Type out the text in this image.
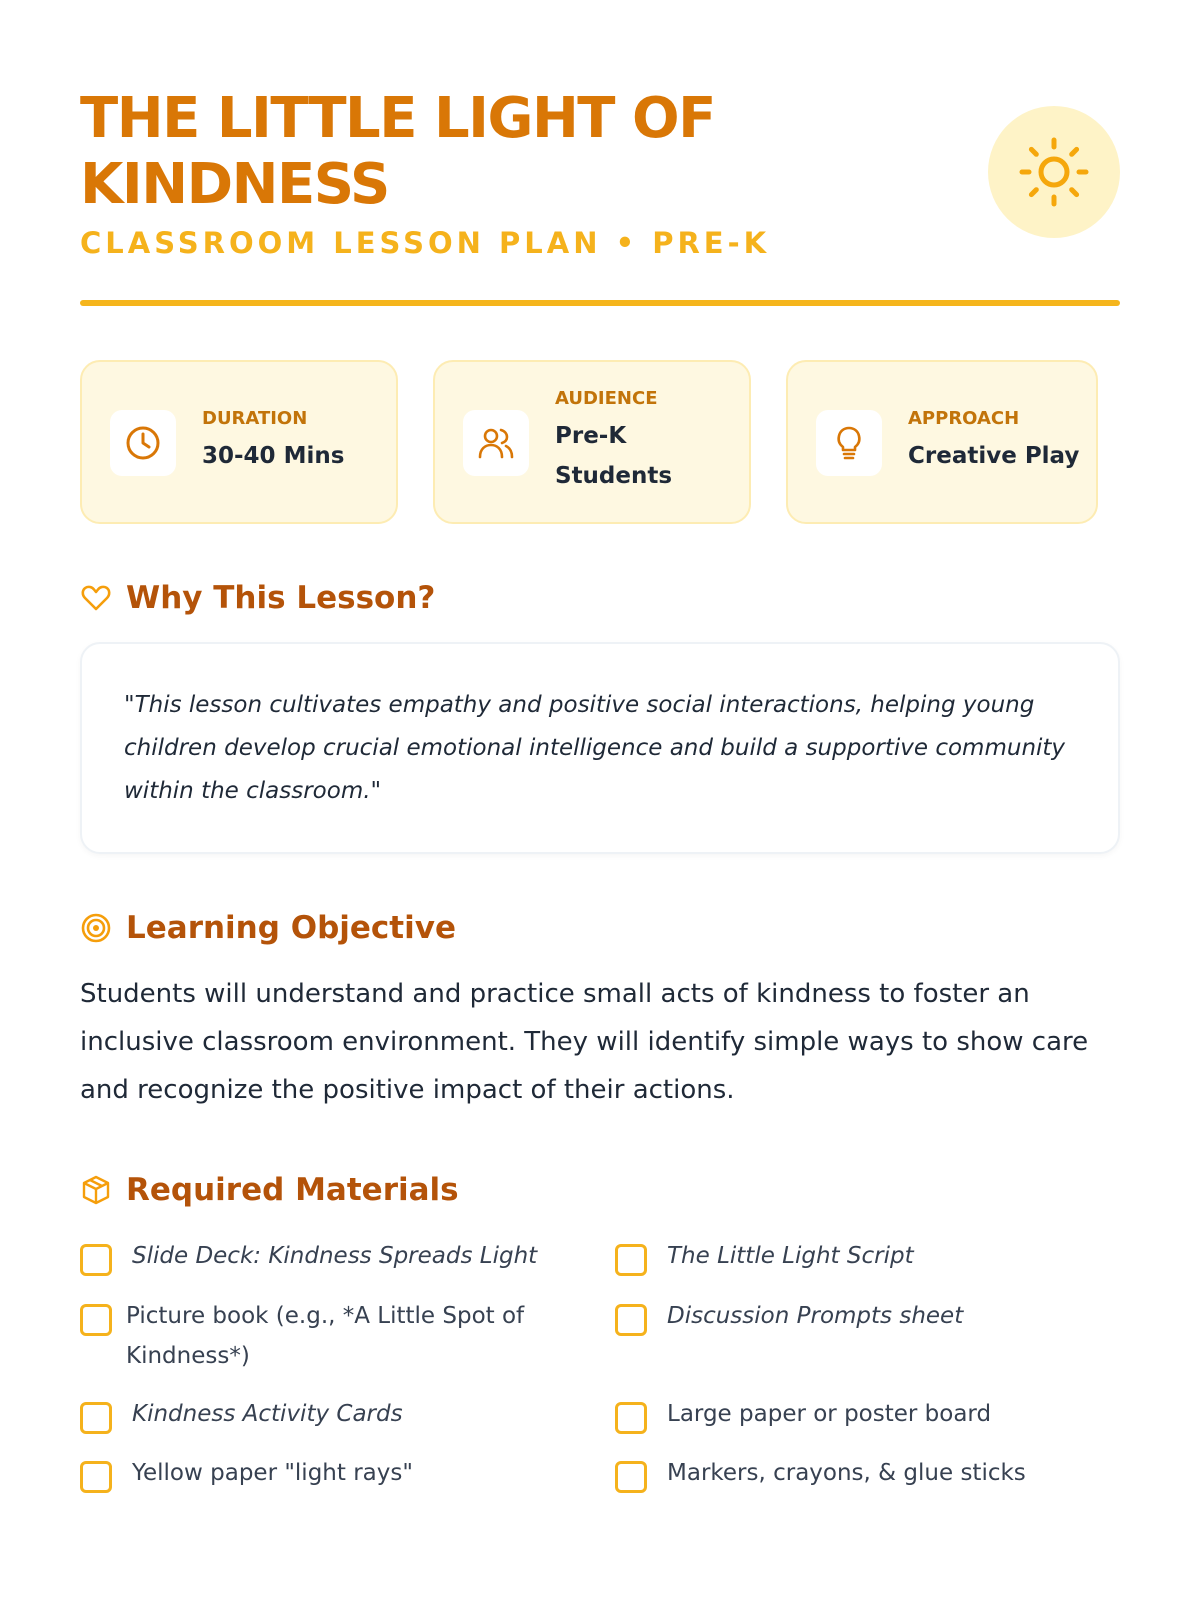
THE LITTLE LIGHT OF KINDNESS
CLASSROOM LESSON PLAN • PRE-K
DURATION
30-40 Mins
AUDIENCE
Pre-K Students
APPROACH
Creative Play
Why This Lesson?
"This lesson cultivates empathy and positive social interactions, helping young children develop crucial emotional intelligence and build a supportive community within the classroom."
Learning Objective
Students will understand and practice small acts of kindness to foster an inclusive classroom environment. They will identify simple ways to show care and recognize the positive impact of their actions.
Required Materials
Slide Deck: Kindness Spreads Light	The Little Light Script
Picture book (e.g., *A Little Spot of Kindness*)
Discussion Prompts sheet
Kindness Activity Cards	Large paper or poster board
Yellow paper "light rays"	Markers, crayons, & glue sticks
